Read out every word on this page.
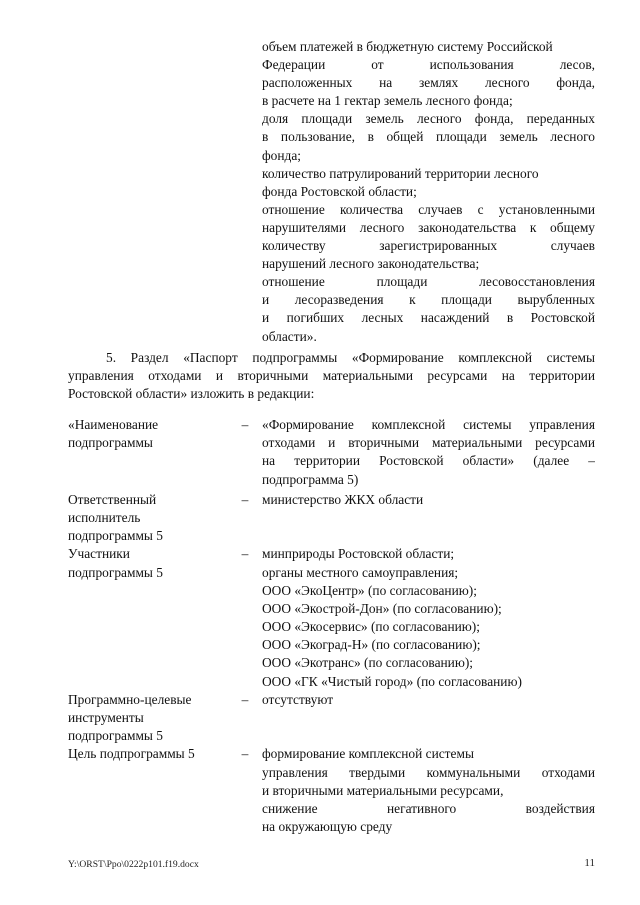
объем платежей в бюджетную систему Российской
Федерации от использования лесов,
расположенных на землях лесного фонда,
в расчете на 1 гектар земель лесного фонда;
доля площади земель лесного фонда, переданных
в пользование, в общей площади земель лесного
фонда;
количество патрулирований территории лесного
фонда Ростовской области;
отношение количества случаев с установленными
нарушителями лесного законодательства к общему
количеству зарегистрированных случаев
нарушений лесного законодательства;
отношение площади лесовосстановления
и лесоразведения к площади вырубленных
и погибших лесных насаждений в Ростовской
области».
5. Раздел «Паспорт подпрограммы «Формирование комплексной системы
управления отходами и вторичными материальными ресурсами на территории
Ростовской области» изложить в редакции:
«Наименование
подпрограммы
–	«Формирование комплексной системы управления
отходами и вторичными материальными ресурсами
на территории Ростовской области» (далее –
подпрограмма 5)
Ответственный
исполнитель
подпрограммы 5
–	министерство ЖКХ области
Участники
подпрограммы 5
–	минприроды Ростовской области;
органы местного самоуправления;
ООО «ЭкоЦентр» (по согласованию);
ООО «Экострой-Дон» (по согласованию);
ООО «Экосервис» (по согласованию);
ООО «Экоград-Н» (по согласованию);
ООО «Экотранс» (по согласованию);
ООО «ГК «Чистый город» (по согласованию)
Программно-целевые
инструменты
подпрограммы 5
–	отсутствуют
Цель подпрограммы 5	–	формирование комплексной системы
управления твердыми коммунальными отходами
и вторичными материальными ресурсами,
снижение негативного воздействия
на окружающую среду
Y:\ORST\Ppo\0222p101.f19.docx	11
